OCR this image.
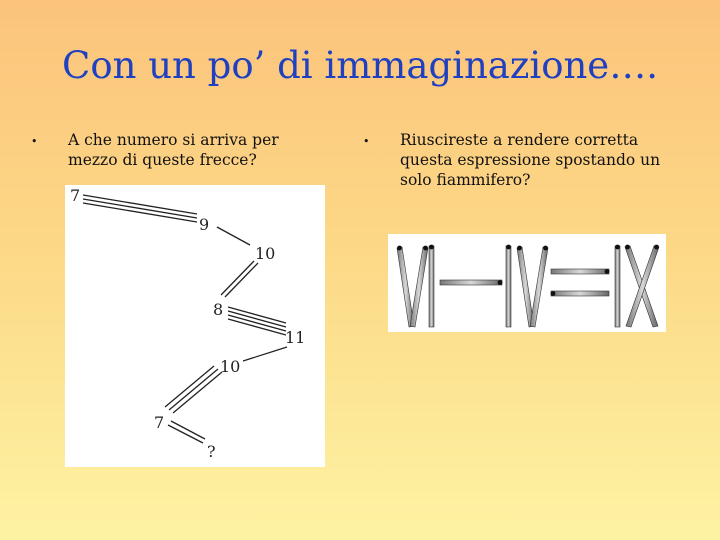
Con un po’ di immaginazione….
•	A che numero si arriva per mezzo di queste frecce?
•	Riuscireste a rendere corretta questa espressione spostando un solo fiammifero?
7
9
10
8
11
10
7
?
